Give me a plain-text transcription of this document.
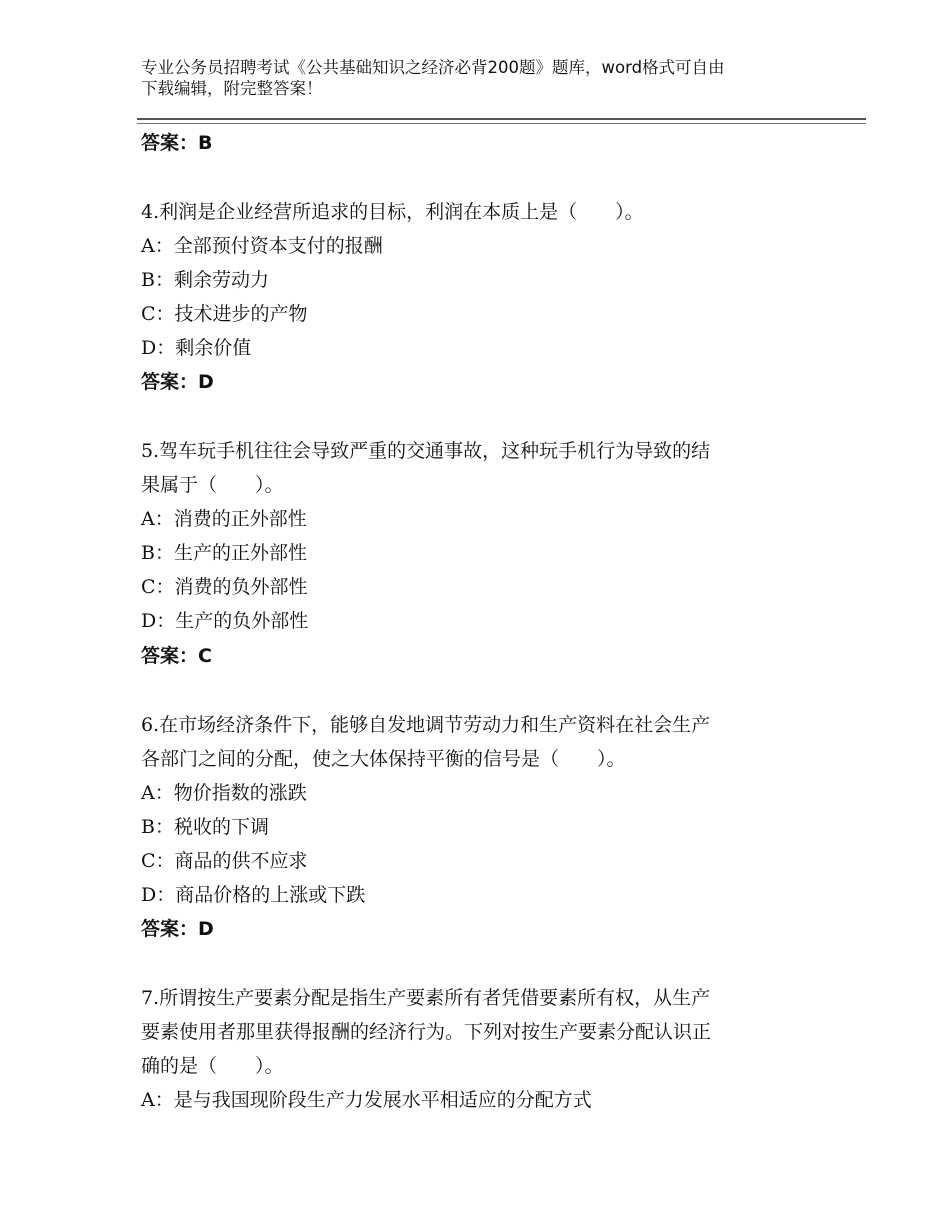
专业公务员招聘考试《公共基础知识之经济必背200题》题库，word格式可自由
下载编辑，附完整答案！
答案：B
4.利润是企业经营所追求的目标，利润在本质上是（　　）。
A：全部预付资本支付的报酬
B：剩余劳动力
C：技术进步的产物
D：剩余价值
答案：D
5.驾车玩手机往往会导致严重的交通事故，这种玩手机行为导致的结
果属于（　　）。
A：消费的正外部性
B：生产的正外部性
C：消费的负外部性
D：生产的负外部性
答案：C
6.在市场经济条件下，能够自发地调节劳动力和生产资料在社会生产
各部门之间的分配，使之大体保持平衡的信号是（　　）。
A：物价指数的涨跌
B：税收的下调
C：商品的供不应求
D：商品价格的上涨或下跌
答案：D
7.所谓按生产要素分配是指生产要素所有者凭借要素所有权，从生产
要素使用者那里获得报酬的经济行为。下列对按生产要素分配认识正
确的是（　　）。
A：是与我国现阶段生产力发展水平相适应的分配方式
